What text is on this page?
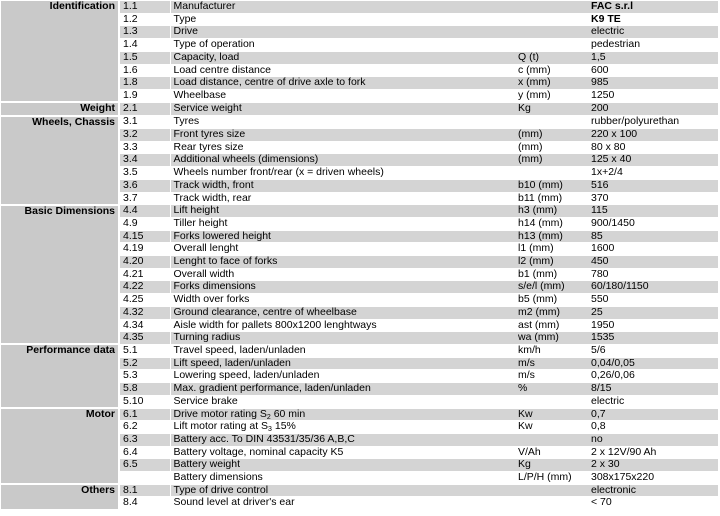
Identification	1.1	Manufacturer		FAC s.r.l
	1.2	Type		K9 TE
	1.3	Drive		electric
	1.4	Type of operation		pedestrian
	1.5	Capacity, load	Q (t)	1,5
	1.6	Load centre distance	c (mm)	600
	1.8	Load distance, centre of drive axle to fork	x (mm)	985
	1.9	Wheelbase	y (mm)	1250
Weight	2.1	Service weight	Kg	200
Wheels, Chassis	3.1	Tyres		rubber/polyurethan
	3.2	Front tyres size	(mm)	220 x 100
	3.3	Rear tyres size	(mm)	80 x 80
	3.4	Additional wheels (dimensions)	(mm)	125 x 40
	3.5	Wheels number front/rear (x = driven wheels)		1x+2/4
	3.6	Track width, front	b10 (mm)	516
	3.7	Track width, rear	b11 (mm)	370
Basic Dimensions	4.4	Lift height	h3 (mm)	115
	4.9	Tiller height	h14 (mm)	900/1450
	4.15	Forks lowered height	h13 (mm)	85
	4.19	Overall lenght	l1 (mm)	1600
	4.20	Lenght to face of forks	l2 (mm)	450
	4.21	Overall width	b1 (mm)	780
	4.22	Forks dimensions	s/e/l (mm)	60/180/1150
	4.25	Width over forks	b5 (mm)	550
	4.32	Ground clearance, centre of wheelbase	m2 (mm)	25
	4.34	Aisle width for pallets 800x1200 lenghtways	ast (mm)	1950
	4.35	Turning radius	wa (mm)	1535
Performance data	5.1	Travel speed, laden/unladen	km/h	5/6
	5.2	Lift speed, laden/unladen	m/s	0,04/0,05
	5.3	Lowering speed, laden/unladen	m/s	0,26/0,06
	5.8	Max. gradient performance, laden/unladen	%	8/15
	5.10	Service brake		electric
Motor	6.1	Drive motor rating $S_2$ 60 min	Kw	0,7
	6.2	Lift motor rating at $S_3$ 15%	Kw	0,8
	6.3	Battery acc. To DIN 43531/35/36 A,B,C		no
	6.4	Battery voltage, nominal capacity K5	V/Ah	2 x 12V/90 Ah
	6.5	Battery weight	Kg	2 x 30
		Battery dimensions	L/P/H (mm)	308x175x220
Others	8.1	Type of drive control		electronic
	8.4	Sound level at driver's ear		< 70
